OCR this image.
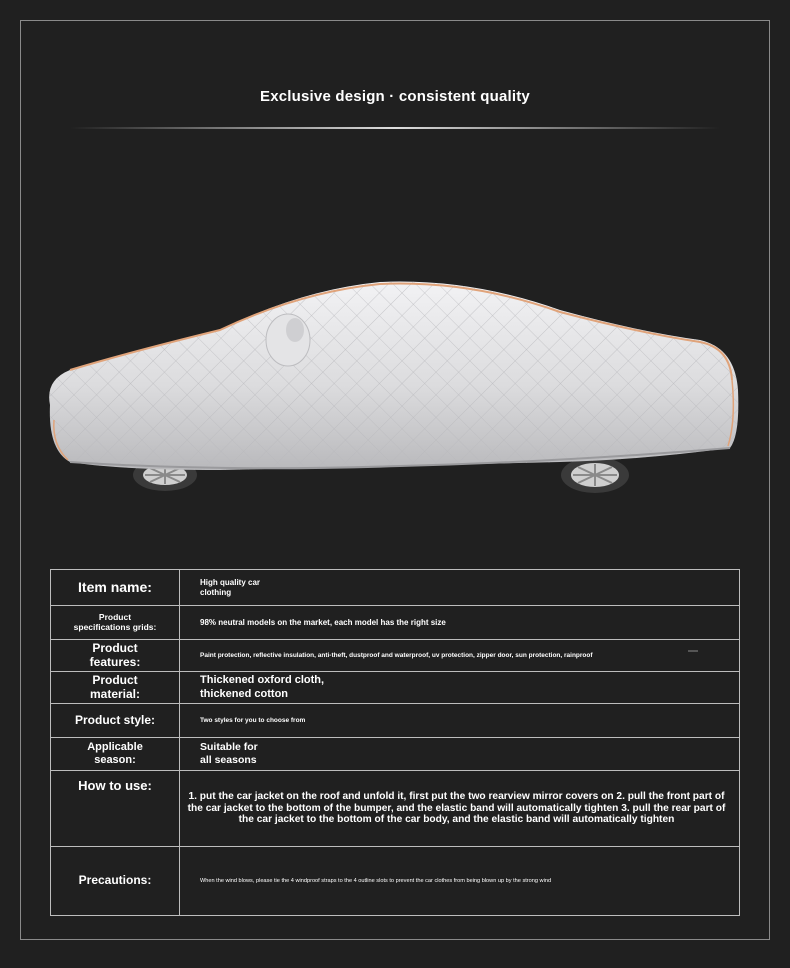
Exclusive design · consistent quality
Item name:	High quality car
clothing
Product
specifications grids:	98% neutral models on the market, each model has the right size
Product
features:	Paint protection, reflective insulation, anti-theft, dustproof and waterproof, uv protection, zipper door, sun protection, rainproof
Product
material:
Thickened oxford cloth,
thickened cotton
Product style:	Two styles for you to choose from
Applicable
season:
Suitable for
all seasons
How to use:
1. put the car jacket on the roof and unfold it, first put the two rearview mirror covers on 2. pull the front part of the car jacket to the bottom of the bumper, and the elastic band will automatically tighten 3. pull the rear part of the car jacket to the bottom of the car body, and the elastic band will automatically tighten
Precautions:	When the wind blows, please tie the 4 windproof straps to the 4 outline slots to prevent the car clothes from being blown up by the strong wind
